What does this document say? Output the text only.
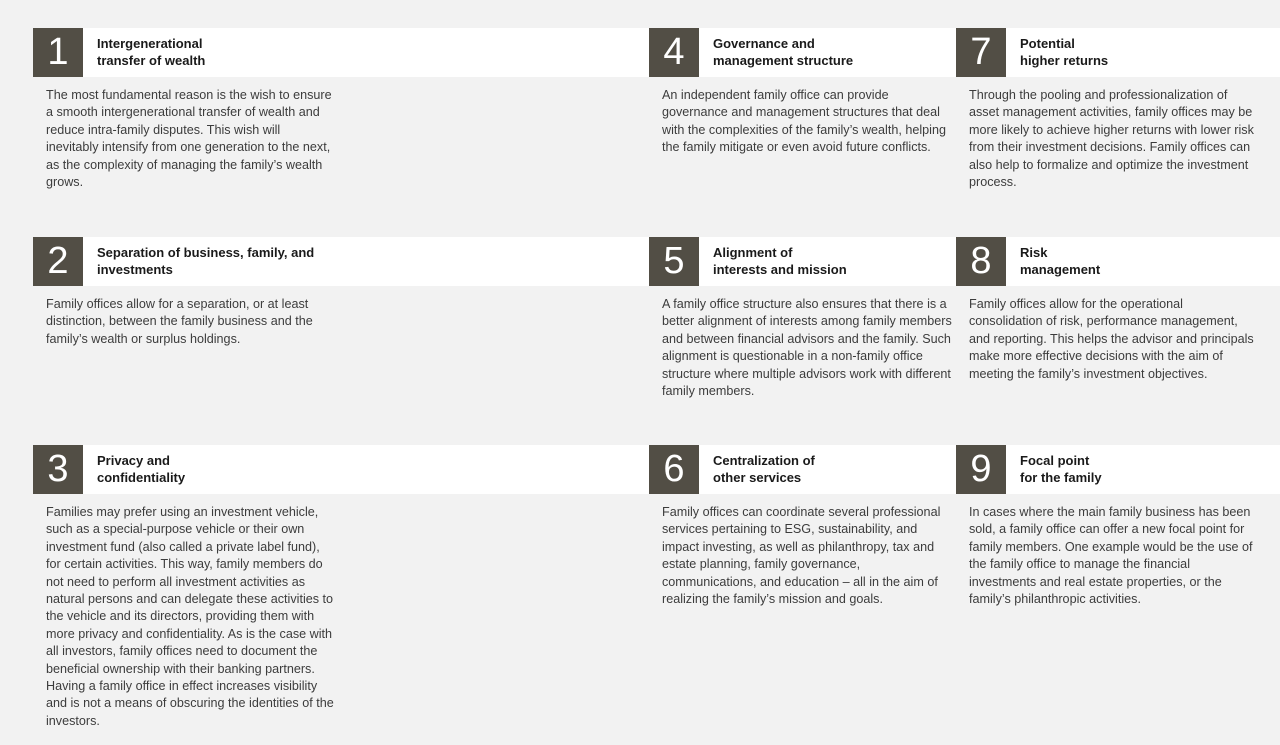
1	Intergenerational
transfer of wealth
The most fundamental reason is the wish to ensure a smooth intergenerational transfer of wealth and reduce intra-family disputes. This wish will inevitably intensify from one generation to the next, as the complexity of managing the family’s wealth grows.
2	Separation of business, family, and
investments
Family offices allow for a separation, or at least distinction, between the family business and the family’s wealth or surplus holdings.
3	Privacy and
confidentiality
Families may prefer using an investment vehicle, such as a special-purpose vehicle or their own investment fund (also called a private label fund), for certain activities. This way, family members do not need to perform all investment activities as natural persons and can delegate these activities to the vehicle and its directors, providing them with more privacy and confidentiality. As is the case with all investors, family offices need to document the beneficial ownership with their banking partners. Having a family office in effect increases visibility and is not a means of obscuring the identities of the investors.
4	Governance and
management structure
An independent family office can provide governance and management structures that deal with the complexities of the family’s wealth, helping the family mitigate or even avoid future conflicts.
5	Alignment of
interests and mission
A family office structure also ensures that there is a better alignment of interests among family members and between financial advisors and the family. Such alignment is questionable in a non-family office structure where multiple advisors work with different family members.
6	Centralization of
other services
Family offices can coordinate several professional services pertaining to ESG, sustainability, and impact investing, as well as philanthropy, tax and estate planning, family governance, communications, and education – all in the aim of realizing the family’s mission and goals.
7	Potential
higher returns
Through the pooling and professionalization of asset management activities, family offices may be more likely to achieve higher returns with lower risk from their investment decisions. Family offices can also help to formalize and optimize the investment process.
8	Risk
management
Family offices allow for the operational consolidation of risk, performance management, and reporting. This helps the advisor and principals make more effective decisions with the aim of meeting the family’s investment objectives.
9	Focal point
for the family
In cases where the main family business has been sold, a family office can offer a new focal point for family members. One example would be the use of the family office to manage the financial investments and real estate properties, or the family’s philanthropic activities.
